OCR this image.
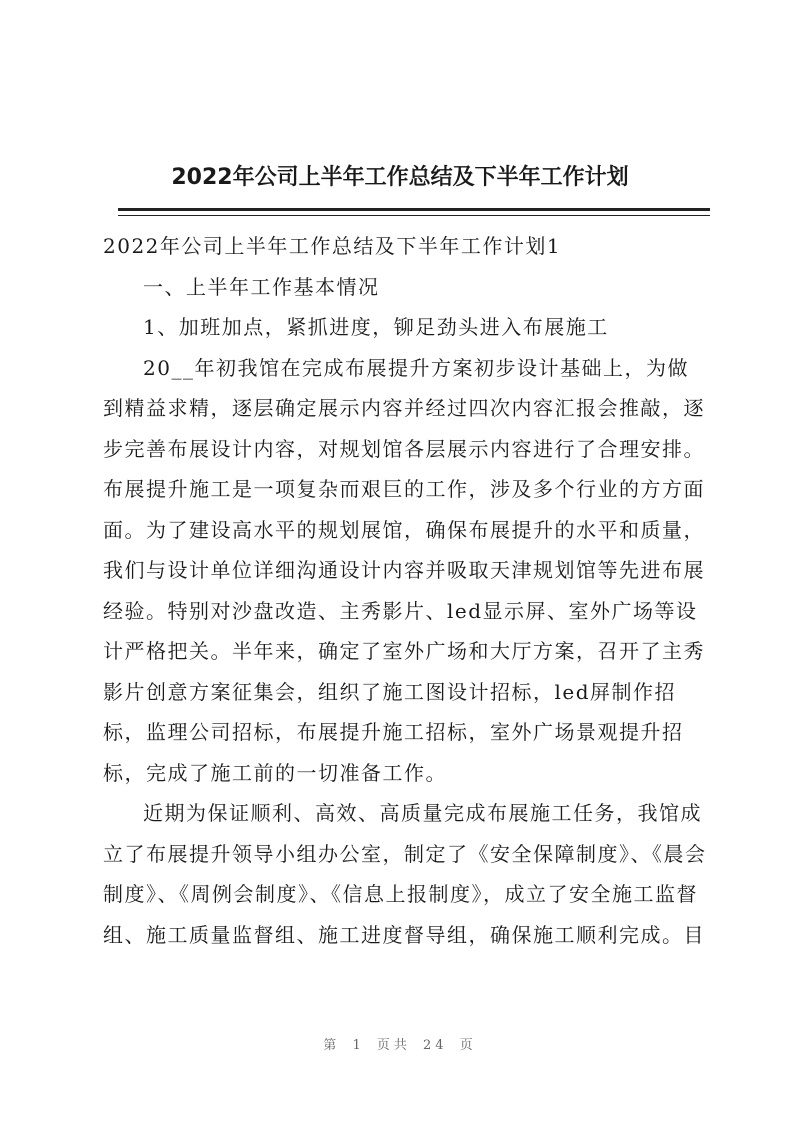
2022年公司上半年工作总结及下半年工作计划

2022年公司上半年工作总结及下半年工作计划1

一、上半年工作基本情况

1、加班加点，紧抓进度，铆足劲头进入布展施工

20__年初我馆在完成布展提升方案初步设计基础上，为做到精益求精，逐层确定展示内容并经过四次内容汇报会推敲，逐步完善布展设计内容，对规划馆各层展示内容进行了合理安排。布展提升施工是一项复杂而艰巨的工作，涉及多个行业的方方面面。为了建设高水平的规划展馆，确保布展提升的水平和质量，我们与设计单位详细沟通设计内容并吸取天津规划馆等先进布展经验。特别对沙盘改造、主秀影片、led显示屏、室外广场等设计严格把关。半年来，确定了室外广场和大厅方案，召开了主秀影片创意方案征集会，组织了施工图设计招标，led屏制作招标，监理公司招标，布展提升施工招标，室外广场景观提升招标，完成了施工前的一切准备工作。

近期为保证顺利、高效、高质量完成布展施工任务，我馆成立了布展提升领导小组办公室，制定了《安全保障制度》、《晨会制度》、《周例会制度》、《信息上报制度》，成立了安全施工监督组、施工质量监督组、施工进度督导组，确保施工顺利完成。目

第 1 页共 24 页
